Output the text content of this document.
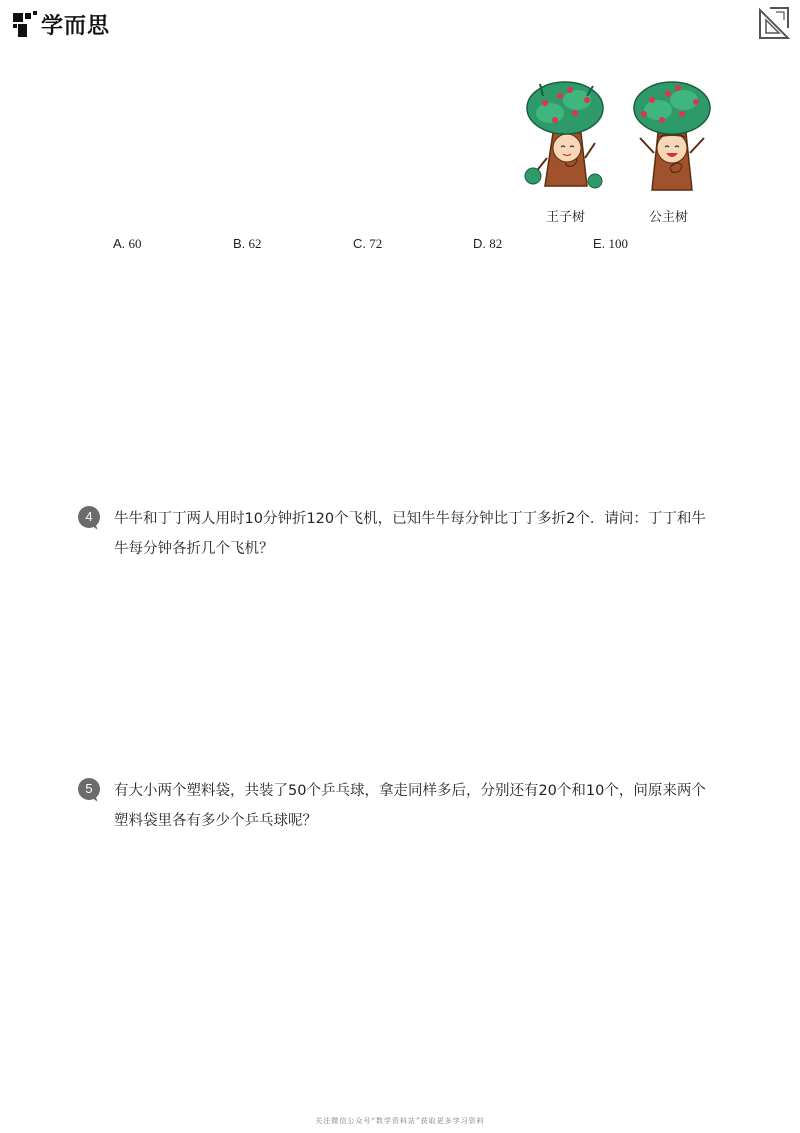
学而思
王子树	公主树
A. 60	B. 62	C. 72	D. 82	E. 100
4	牛牛和丁丁两人用时10分钟折120个飞机，已知牛牛每分钟比丁丁多折2个．请问：丁丁和牛牛每分钟各折几个飞机？
5	有大小两个塑料袋，共装了50个乒乓球，拿走同样多后，分别还有20个和10个，问原来两个塑料袋里各有多少个乒乓球呢？
关注微信公众号“数学资料站”获取更多学习资料
